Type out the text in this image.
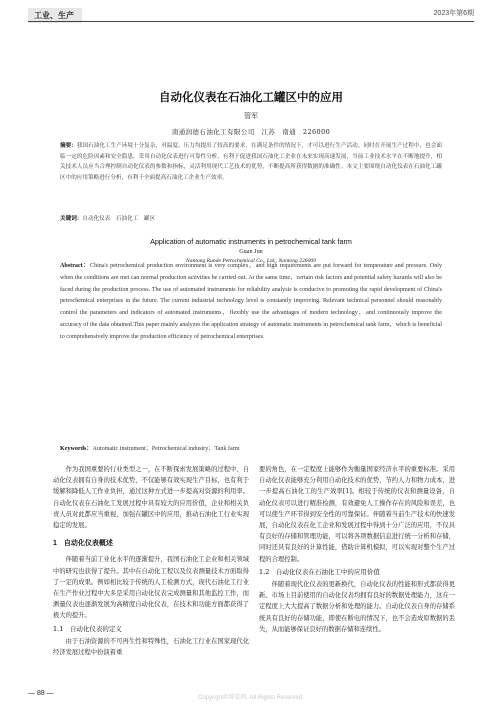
工业、生产	2023年第6期
自动化仪表在石油化工罐区中的应用
管军
南通润德石油化工有限公司　江苏　南通　226000
摘要：我国石油化工生产环境十分复杂，对温度、压力均提出了较高的要求，在满足条件的情况下，才可以进行生产活动。同时在开展生产过程中，也会面临一定的危险因素和安全隐患。采用自动化仪表进行可靠性分析，有利于促进我国石油化工企业在未来实现高速发展，当前工业技术水平在不断地提升，相关技术人员应当合理控制自动化仪表的参数和指标，灵活利用现代工艺技术的优势，不断提高所获得数据的准确性。本文主要围绕自动化仪表在石油化工罐区中的应用策略进行分析，有利于全面提高石油化工企业生产效率。
关键词：自动化仪表　石油化工　罐区
Application of automatic instruments in petrochemical tank farm
Guan Jun
Nantong Runde Petrochemical Co., Ltd., Nantong 226000
Abstract：China's petrochemical production environment is very complex，and high requirements are put forward for temperature and pressure. Only when the conditions are met can normal production activities be carried out. At the same time，certain risk factors and potential safety hazards will also be faced during the production process. The use of automated instruments for reliability analysis is conducive to promoting the rapid development of China's petrochemical enterprises in the future. The current industrial technology level is constantly improving. Relevant technical personnel should reasonably control the parameters and indicators of automated instruments，flexibly use the advantages of modern technology，and continuously improve the accuracy of the data obtained.This paper mainly analyzes the application strategy of automatic instruments in petrochemical tank farm，which is beneficial to comprehensively improve the production efficiency of petrochemical enterprises.
Keywords：Automatic instrument；Petrochemical industry；Tank farm

作为我国重要的行业类型之一，在不断探索发展策略的过程中，自动化仪表拥有自身的技术优势，不仅能够有效实现生产目标，也有利于缓解和降低人工作业负担，通过这种方式进一步提高对资源的利用率。自动化仪表在石油化工发展过程中具有较大的应用价值，企业和相关负责人员对此都应当重视，加强在罐区中的应用，推动石油化工行业实现稳定的发展。

1　自动化仪表概述

伴随着当前工业化水平的逐渐提升，我国石油化工企业和相关领域中的研究也获得了提升。其中在自动化工程以及仪表测量技术方面取得了一定的成果。例如相比较于传统的人工检测方式，现代石油化工行业在生产作业过程中大多是采用自动化仪表完成测量和其他监控工作，而测量仪表也逐渐发展为高精度自动化仪表，在技术和功能方面都获得了极大的提升。

1.1　自动化仪表的定义

由于石油资源的不可再生性和特殊性，石油化工行业在国家现代化经济发展过程中扮演着重

要的角色，在一定程度上能够作为衡量国家经济水平的重要标准。采用自动化仪表能够充分利用自动化技术的优势，节约人力和物力成本，进一步提高石油化工的生产效率[1]。相较于传统的仪表和测量设备，自动化仪表可以进行精准检测，有效避免人工操作存在的风险和误差，也可以使生产环节得到安全性的可靠保证。伴随着当前生产技术的快速发展，自动化仪表在化工企业和发展过程中得到十分广泛的应用，不仅具有良好的存储和管理功能，可以将各项数据信息进行统一分析和存储，同时还具有良好的计算性能，借助计算机模拟，可以实现对整个生产过程的合理控制。

1.2　自动化仪表在石油化工中的应用价值

伴随着现代化仪表的更新换代，自动化仪表的性能和形式都获得更新。市场上目前使用的自动化仪表均拥有良好的数据处理能力，这在一定程度上大大提高了数据分析和处理的能力。自动化仪表自身的存储系统具有良好的存储功能，即使在断电的情况下，也不会造成原数据的丢失，从而能够保证良好的数据存储和连续性。

— 88 —
Copyright©博看网. All Rights Reserved.
